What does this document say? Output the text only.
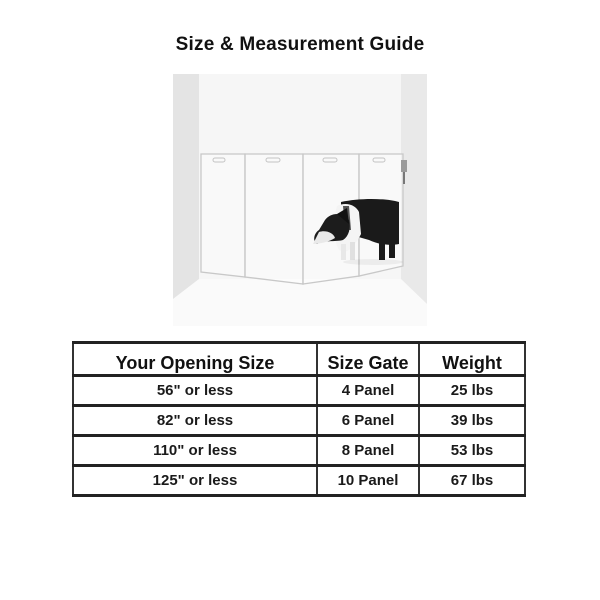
Size & Measurement Guide
Your Opening Size	Size Gate	Weight
56" or less	4 Panel	25 lbs
82" or less	6 Panel	39 lbs
110" or less	8 Panel	53 lbs
125" or less	10 Panel	67 lbs
